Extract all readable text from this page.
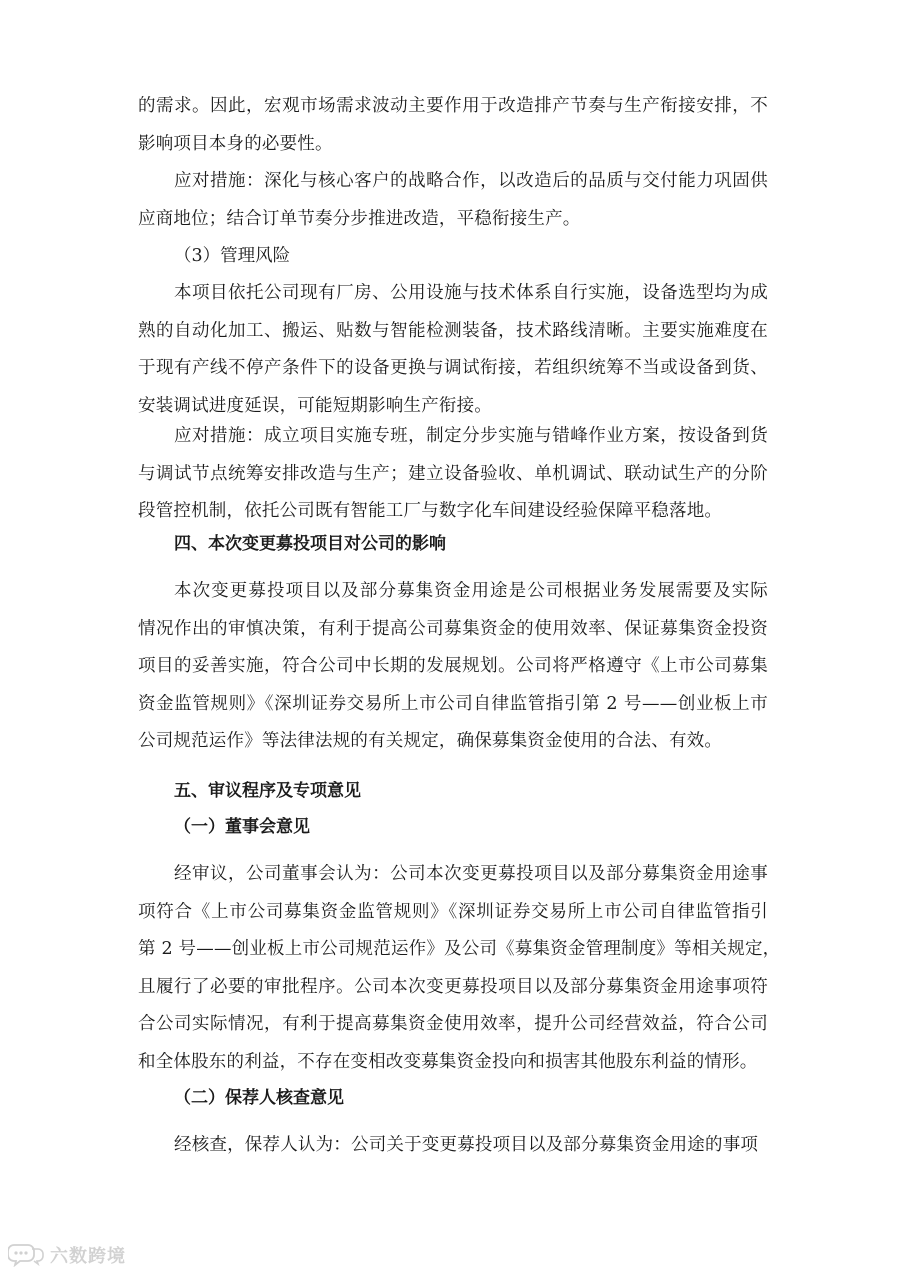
的需求。因此，宏观市场需求波动主要作用于改造排产节奏与生产衔接安排，不
影响项目本身的必要性。

应对措施：深化与核心客户的战略合作，以改造后的品质与交付能力巩固供
应商地位；结合订单节奏分步推进改造，平稳衔接生产。

（3）管理风险

本项目依托公司现有厂房、公用设施与技术体系自行实施，设备选型均为成
熟的自动化加工、搬运、贴数与智能检测装备，技术路线清晰。主要实施难度在
于现有产线不停产条件下的设备更换与调试衔接，若组织统筹不当或设备到货、
安装调试进度延误，可能短期影响生产衔接。

应对措施：成立项目实施专班，制定分步实施与错峰作业方案，按设备到货
与调试节点统筹安排改造与生产；建立设备验收、单机调试、联动试生产的分阶
段管控机制，依托公司既有智能工厂与数字化车间建设经验保障平稳落地。

四、本次变更募投项目对公司的影响

本次变更募投项目以及部分募集资金用途是公司根据业务发展需要及实际
情况作出的审慎决策，有利于提高公司募集资金的使用效率、保证募集资金投资
项目的妥善实施，符合公司中长期的发展规划。公司将严格遵守《上市公司募集
资金监管规则》《深圳证券交易所上市公司自律监管指引第 2 号——创业板上市
公司规范运作》等法律法规的有关规定，确保募集资金使用的合法、有效。

五、审议程序及专项意见
（一）董事会意见

经审议，公司董事会认为：公司本次变更募投项目以及部分募集资金用途事
项符合《上市公司募集资金监管规则》《深圳证券交易所上市公司自律监管指引
第 2 号——创业板上市公司规范运作》及公司《募集资金管理制度》等相关规定，
且履行了必要的审批程序。公司本次变更募投项目以及部分募集资金用途事项符
合公司实际情况，有利于提高募集资金使用效率，提升公司经营效益，符合公司
和全体股东的利益，不存在变相改变募集资金投向和损害其他股东利益的情形。

（二）保荐人核查意见

经核查，保荐人认为：公司关于变更募投项目以及部分募集资金用途的事项

六数跨境
